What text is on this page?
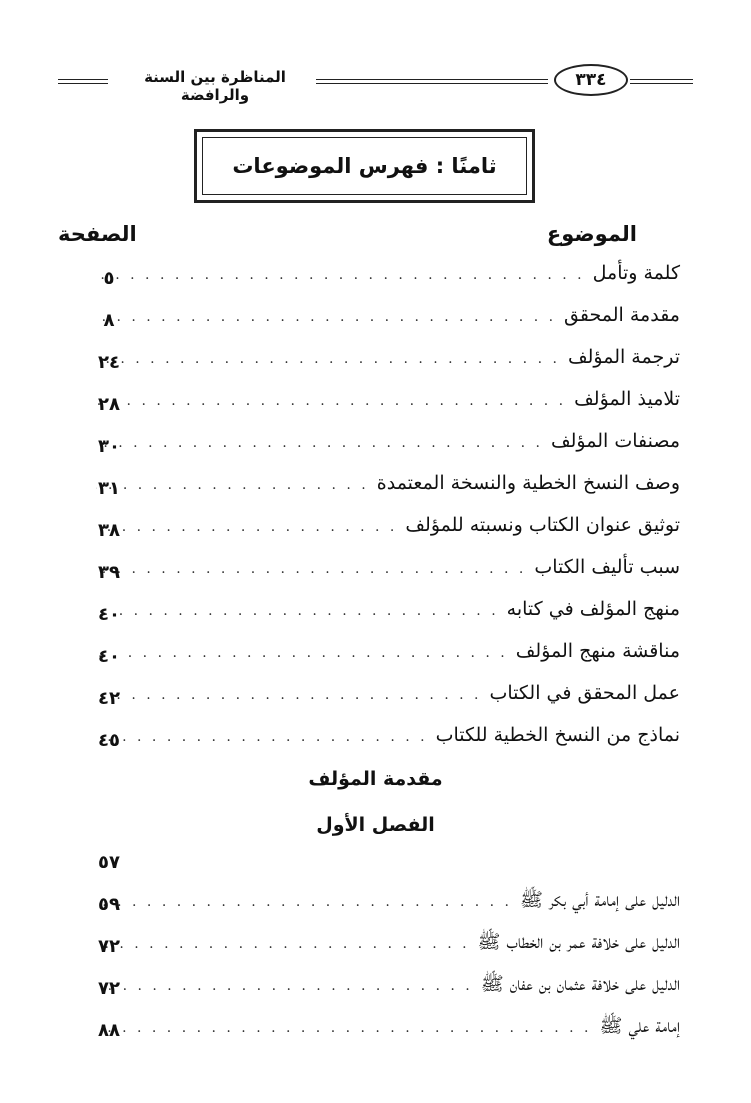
المناظرة بين السنة والرافضة
٣٣٤
ثامنًا : فهرس الموضوعات
الموضوع
الصفحة
كلمة وتأمل
. . .
٥
مقدمة المحقق
. . .
٨
ترجمة المؤلف
. . .
٢٤
تلاميذ المؤلف
. . .
٢٨
مصنفات المؤلف
. . .
٣٠
وصف النسخ الخطية والنسخة المعتمدة
. . .
٣١
توثيق عنوان الكتاب ونسبته للمؤلف
. . .
٣٨
سبب تأليف الكتاب
. . .
٣٩
منهج المؤلف في كتابه
. . .
٤٠
مناقشة منهج المؤلف
. . .
٤٠
عمل المحقق في الكتاب
. . .
٤٢
نماذج من النسخ الخطية للكتاب
. . .
٤٥
مقدمة المؤلف
الفصل الأول
٥٧
الدليل على إمامة أبي بكر ﷺ
. . .
٥٩
الدليل على خلافة عمر بن الخطاب ﷺ
. . .
٧٢
الدليل على خلافة عثمان بن عفان ﷺ
. . .
٧٢
إمامة علي ﷺ
. . .
٨٨
